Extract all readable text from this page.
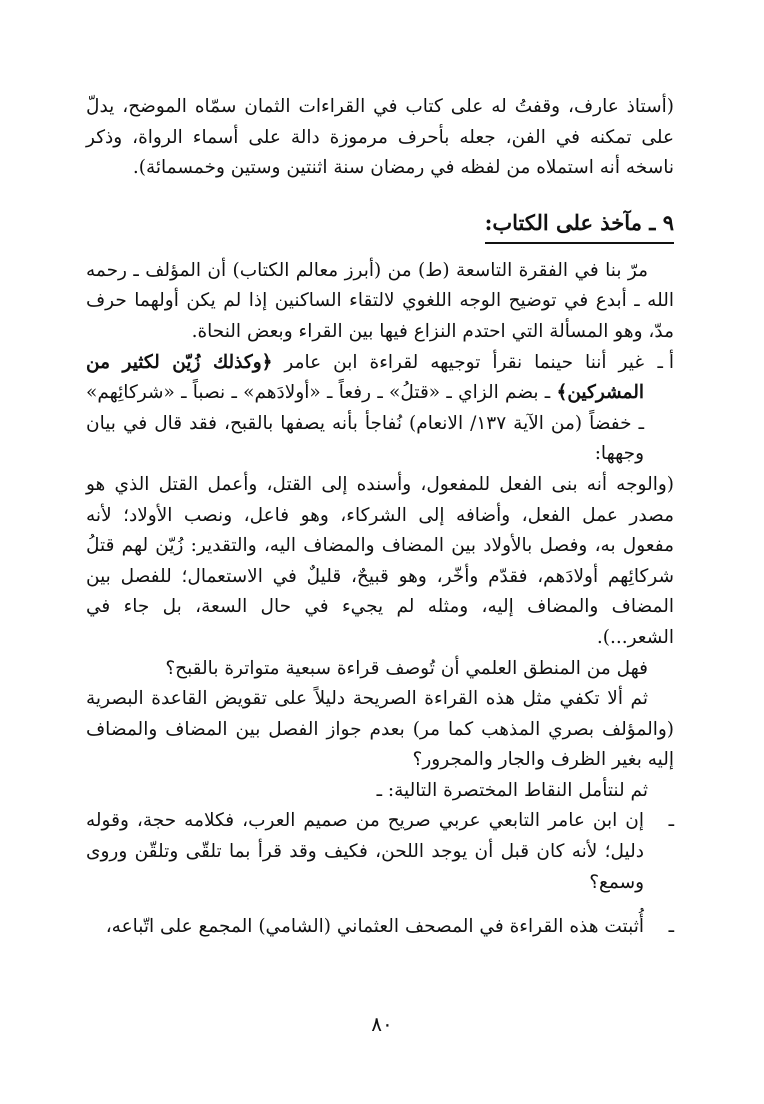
(أستاذ عارف، وقفتُ له على كتاب في القراءات الثمان سمّاه الموضح، يدلّ على تمكنه في الفن، جعله بأحرف مرموزة دالة على أسماء الرواة، وذكر ناسخه أنه استملاه من لفظه في رمضان سنة اثنتين وستين وخمسمائة).

٩ ـ مآخذ على الكتاب:

مرّ بنا في الفقرة التاسعة (ط) من (أبرز معالم الكتاب) أن المؤلف ـ رحمه الله ـ أبدع في توضيح الوجه اللغوي لالتقاء الساكنين إذا لم يكن أولهما حرف مدّ، وهو المسألة التي احتدم النزاع فيها بين القراء وبعض النحاة.

أ ـ

غير أننا حينما نقرأ توجيهه لقراءة ابن عامر ﴿وكذلك زُيّن لكثير من المشركين﴾ ـ بضم الزاي ـ «قتلُ» ـ رفعاً ـ «أولادَهم» ـ نصباً ـ «شركائِهم» ـ خفضاً (من الآية ١٣٧/ الانعام) نُفاجأ بأنه يصفها بالقبح، فقد قال في بيان وجهها:

(والوجه أنه بنى الفعل للمفعول، وأسنده إلى القتل، وأعمل القتل الذي هو مصدر عمل الفعل، وأضافه إلى الشركاء، وهو فاعل، ونصب الأولاد؛ لأنه مفعول به، وفصل بالأولاد بين المضاف والمضاف اليه، والتقدير: زُيّن لهم قتلُ شركائِهم أولادَهم، فقدّم وأخّر، وهو قبيحٌ، قليلٌ في الاستعمال؛ للفصل بين المضاف والمضاف إليه، ومثله لم يجيء في حال السعة، بل جاء في الشعر...).

فهل من المنطق العلمي أن تُوصف قراءة سبعية متواترة بالقبح؟

ثم ألا تكفي مثل هذه القراءة الصريحة دليلاً على تقويض القاعدة البصرية (والمؤلف بصري المذهب كما مر) بعدم جواز الفصل بين المضاف والمضاف إليه بغير الظرف والجار والمجرور؟

ثم لنتأمل النقاط المختصرة التالية: ـ

ـ

إن ابن عامر التابعي عربي صريح من صميم العرب، فكلامه حجة، وقوله دليل؛ لأنه كان قبل أن يوجد اللحن، فكيف وقد قرأ بما تلقّى وتلقّن وروى وسمع؟

ـ

أُثبتت هذه القراءة في المصحف العثماني (الشامي) المجمع على اتّباعه،

٨٠
